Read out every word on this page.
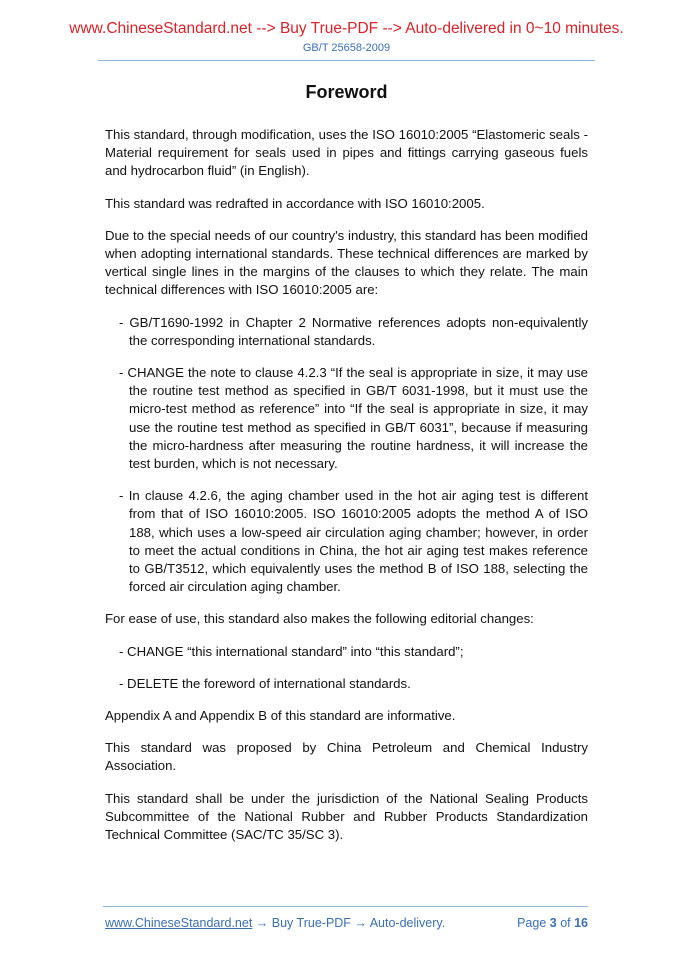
www.ChineseStandard.net --> Buy True-PDF --> Auto-delivered in 0~10 minutes.
GB/T 25658-2009
Foreword

This standard, through modification, uses the ISO 16010:2005 “Elastomeric seals - Material requirement for seals used in pipes and fittings carrying gaseous fuels and hydrocarbon fluid” (in English).

This standard was redrafted in accordance with ISO 16010:2005.

Due to the special needs of our country's industry, this standard has been modified when adopting international standards. These technical differences are marked by vertical single lines in the margins of the clauses to which they relate. The main technical differences with ISO 16010:2005 are:

- GB/T1690-1992 in Chapter 2 Normative references adopts non-equivalently the corresponding international standards.

- CHANGE the note to clause 4.2.3 “If the seal is appropriate in size, it may use the routine test method as specified in GB/T 6031-1998, but it must use the micro-test method as reference” into “If the seal is appropriate in size, it may use the routine test method as specified in GB/T 6031”, because if measuring the micro-hardness after measuring the routine hardness, it will increase the test burden, which is not necessary.

- In clause 4.2.6, the aging chamber used in the hot air aging test is different from that of ISO 16010:2005. ISO 16010:2005 adopts the method A of ISO 188, which uses a low-speed air circulation aging chamber; however, in order to meet the actual conditions in China, the hot air aging test makes reference to GB/T3512, which equivalently uses the method B of ISO 188, selecting the forced air circulation aging chamber.

For ease of use, this standard also makes the following editorial changes:

- CHANGE “this international standard” into “this standard”;

- DELETE the foreword of international standards.

Appendix A and Appendix B of this standard are informative.

This standard was proposed by China Petroleum and Chemical Industry Association.

This standard shall be under the jurisdiction of the National Sealing Products Subcommittee of the National Rubber and Rubber Products Standardization Technical Committee (SAC/TC 35/SC 3).

www.ChineseStandard.net → Buy True-PDF → Auto-delivery.	Page 3 of 16
